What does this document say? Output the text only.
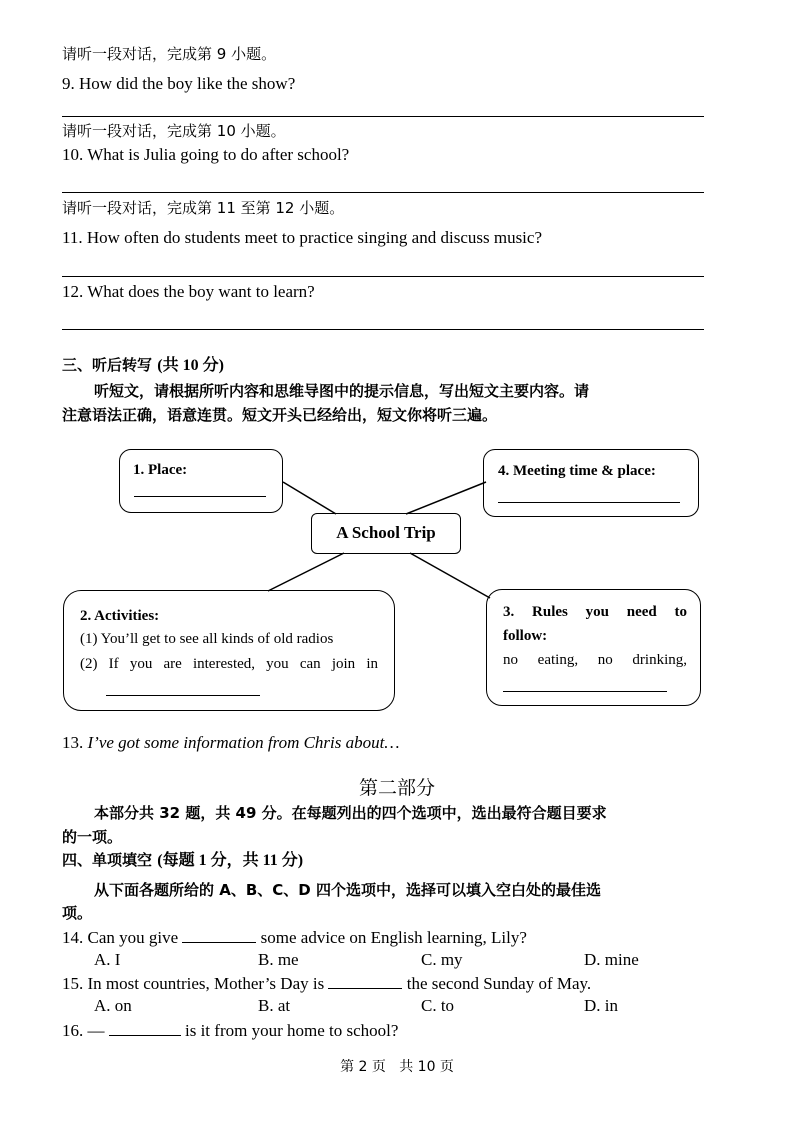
请听一段对话，完成第 9 小题。
9. How did the boy like the show?
请听一段对话，完成第 10 小题。
10. What is Julia going to do after school?
请听一段对话，完成第 11 至第 12 小题。
11. How often do students meet to practice singing and discuss music?
12. What does the boy want to learn?
三、听后转写 (共 10 分)
听短文，请根据所听内容和思维导图中的提示信息，写出短文主要内容。请
注意语法正确，语意连贯。短文开头已经给出，短文你将听三遍。
1. Place:	4. Meeting time & place:
A School Trip
2. Activities:
(1) You’ll get to see all kinds of old radios
(2) If you are interested, you can join in
3. Rules you need to
follow:
no eating, no drinking,
13. I’ve got some information from Chris about…
第二部分
本部分共 32 题，共 49 分。在每题列出的四个选项中，选出最符合题目要求
的一项。
四、单项填空 (每题 1 分，共 11 分)
从下面各题所给的 A、B、C、D 四个选项中，选择可以填入空白处的最佳选
项。
14. Can you give	some advice on English learning, Lily?
A. I	B. me	C. my	D. mine
15. In most countries, Mother’s Day is	the second Sunday of May.
A. on	B. at	C. to	D. in
16. —	is it from your home to school?
第 2 页   共 10 页
